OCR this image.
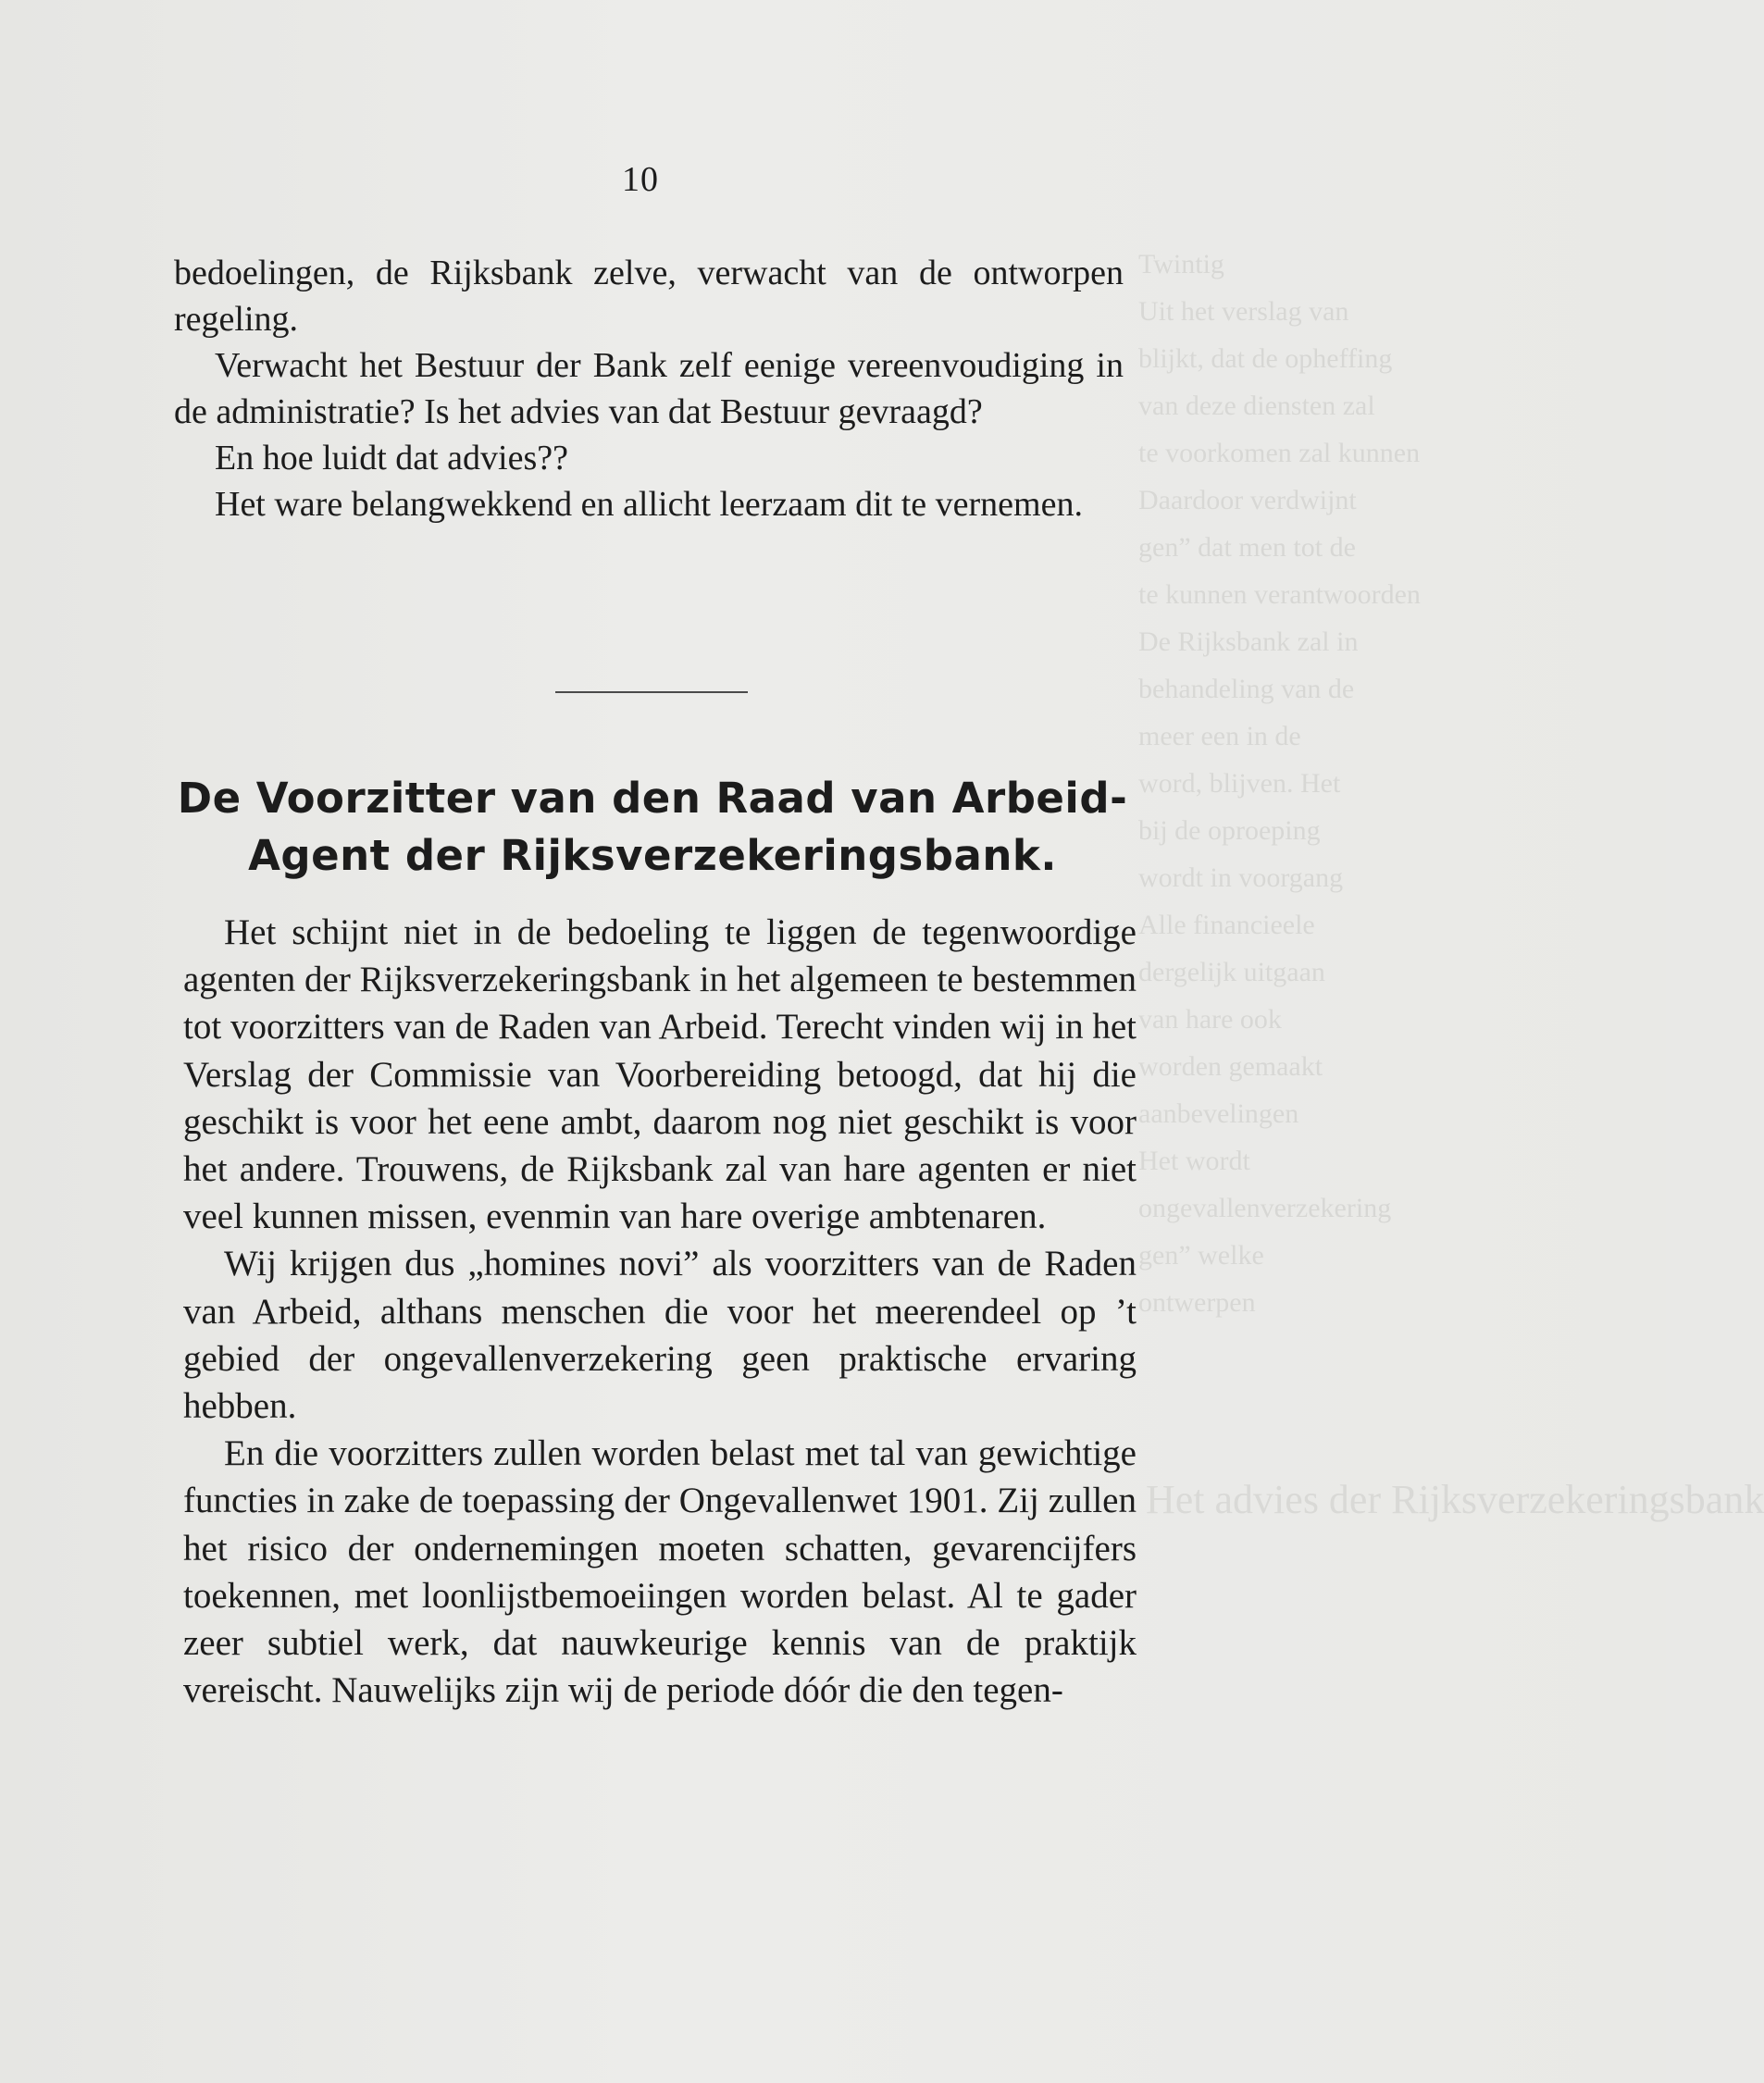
Twintig
Uit het verslag van
blijkt, dat de opheffing
van deze diensten zal
te voorkomen zal kunnen
Daardoor verdwijnt
gen” dat men tot de
te kunnen verantwoorden
De Rijksbank zal in
behandeling van de
meer een in de
word, blijven. Het
bij de oproeping
wordt in voorgang
Alle financieele
dergelijk uitgaan
van hare ook
worden gemaakt
aanbevelingen
Het wordt
ongevallenverzekering
gen” welke
ontwerpen
Het advies der Rijksverzekeringsbank
10

bedoelingen, de Rijksbank zelve, verwacht van de ontworpen regeling.

Verwacht het Bestuur der Bank zelf eenige vereenvoudiging in de administratie? Is het advies van dat Bestuur gevraagd?

En hoe luidt dat advies??

Het ware belangwekkend en allicht leerzaam dit te vernemen.

De Voorzitter van den Raad van Arbeid-
Agent der Rijksverzekeringsbank.

Het schijnt niet in de bedoeling te liggen de tegenwoordige agenten der Rijksverzekeringsbank in het algemeen te bestemmen tot voorzitters van de Raden van Arbeid. Terecht vinden wij in het Verslag der Commissie van Voorbereiding betoogd, dat hij die geschikt is voor het eene ambt, daarom nog niet geschikt is voor het andere. Trouwens, de Rijksbank zal van hare agenten er niet veel kunnen missen, evenmin van hare overige ambtenaren.

Wij krijgen dus „homines novi” als voorzitters van de Raden van Arbeid, althans menschen die voor het meerendeel op ’t gebied der ongevallenverzekering geen praktische ervaring hebben.

En die voorzitters zullen worden belast met tal van gewichtige functies in zake de toepassing der Ongevallenwet 1901. Zij zullen het risico der ondernemingen moeten schatten, gevarencijfers toekennen, met loonlijstbemoeiingen worden belast. Al te gader zeer subtiel werk, dat nauwkeurige kennis van de praktijk vereischt. Nauwelijks zijn wij de periode dóór die den tegen-
